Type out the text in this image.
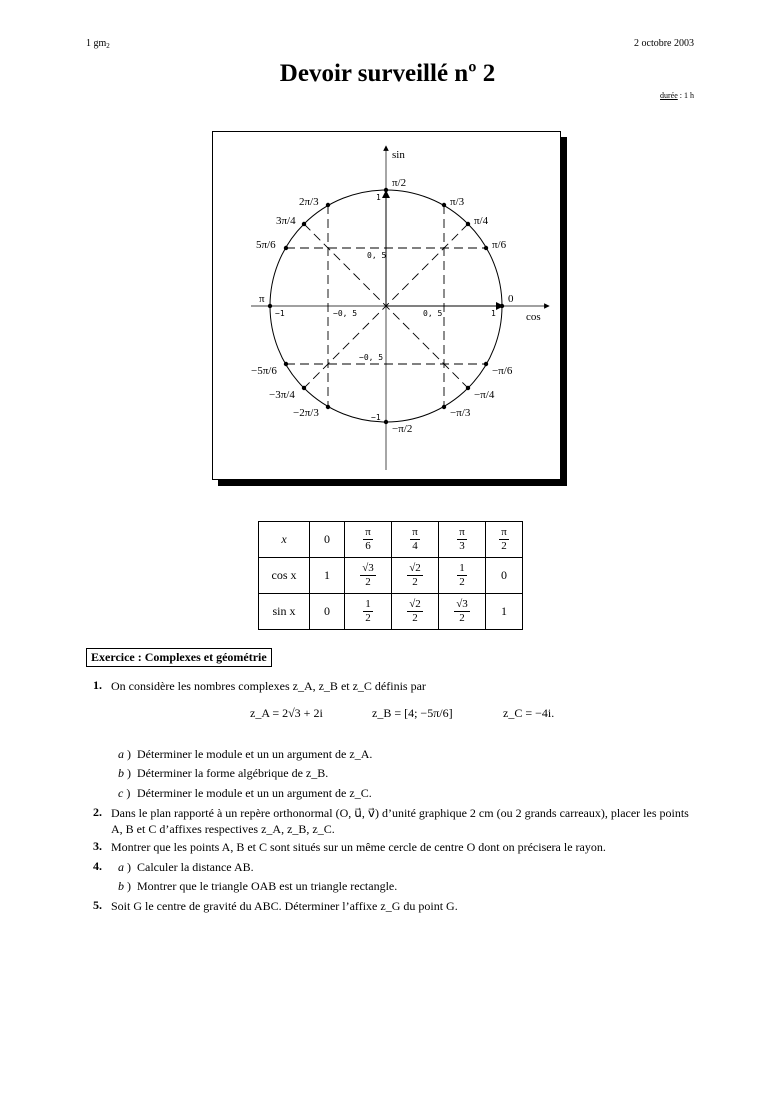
1 $gm_2$	2 octobre 2003
Devoir surveillé nº 2
durée : 1 h
sin
cos
0
π/6
π/4
π/3
π/2
2π/3
3π/4
5π/6
π
−π/6
−π/4
−π/3
−π/2
−2π/3
−3π/4
−5π/6
1
−1	0, 5
−0, 5
1
−1
0, 5
−0, 5
x	0	$\frac{\pi}{6}$	$\frac{\pi}{4}$	$\frac{\pi}{3}$	$\frac{\pi}{2}$

cos x	1	$\frac{√3}{2}$	$\frac{√2}{2}$	$\frac{1}{2}$	0
sin x	0	$\frac{1}{2}$	$\frac{√2}{2}$	$\frac{√3}{2}$	1
Exercice : Complexes et géométrie
1. On considère les nombres complexes z_A, z_B et z_C définis par
z_A = 2√3 + 2i	z_B = [4; −5π/6]	z_C = −4i.
a ) Déterminer le module et un un argument de z_A.
b ) Déterminer la forme algébrique de z_B.
c ) Déterminer le module et un un argument de z_C.
2. Dans le plan rapporté à un repère orthonormal (O, u⃗, v⃗) d’unité graphique 2 cm (ou 2 grands carreaux), placer les points A, B et C d’affixes respectives z_A, z_B, z_C.
3. Montrer que les points A, B et C sont situés sur un même cercle de centre O dont on précisera le rayon.
4. a ) Calculer la distance AB.
b ) Montrer que le triangle OAB est un triangle rectangle.
5. Soit G le centre de gravité du ABC. Déterminer l’affixe z_G du point G.
